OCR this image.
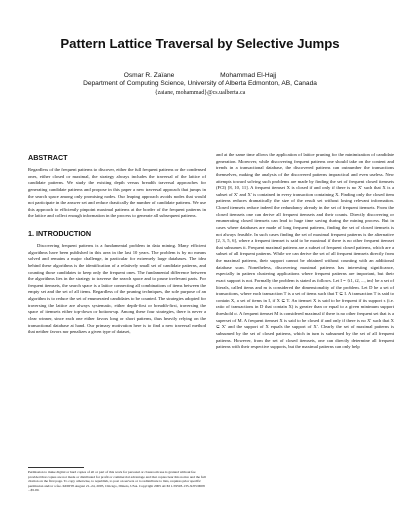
Pattern Lattice Traversal by Selective Jumps
Osmar R. Zaïane	Mohammad El-Hajj
Department of Computing Science, University of Alberta Edmonton, AB, Canada
{zaiane, mohammad}@cs.ualberta.ca
ABSTRACT

Regardless of the frequent patterns to discover, either the full frequent patterns or the condensed ones, either closed or maximal, the strategy always includes the traversal of the lattice of candidate patterns. We study the existing depth versus breadth traversal approaches for generating candidate patterns and propose in this paper a new traversal approach that jumps in the search space among only promising nodes. Our leaping approach avoids nodes that would not participate in the answer set and reduce drastically the number of candidate patterns. We use this approach to efficiently pinpoint maximal patterns at the border of the frequent patterns in the lattice and collect enough information in the process to generate all subsequent patterns.

1. INTRODUCTION

Discovering frequent patterns is a fundamental problem in data mining. Many efficient algorithms have been published in this area in the last 10 years. The problem is by no means solved and remains a major challenge, in particular for extremely large databases. The idea behind these algorithms is the identification of a relatively small set of candidate patterns, and counting those candidates to keep only the frequent ones. The fundamental difference between the algorithms lies in the strategy to traverse the search space and to prune irrelevant parts. For frequent itemsets, the search space is a lattice connecting all combinations of items between the empty set and the set of all items. Regardless of the pruning techniques, the sole purpose of an algorithm is to reduce the set of enumerated candidates to be counted. The strategies adopted for traversing the lattice are always systematic, either depth-first or breadth-first, traversing the space of itemsets either top-down or bottom-up. Among these four strategies, there is never a clear winner, since each one either favors long or short patterns, thus heavily relying on the transactional database at hand. Our primary motivation here is to find a new traversal method that neither favors nor penalizes a given type of dataset,

and at the same time allows the application of lattice pruning for the minimization of candidate generation. Moreover, while discovering frequent patterns one should take on the content and trends in a transactional database, the discovered patterns can outnumber the transactions themselves, making the analysis of the discovered patterns impractical and even useless. New attempts toward solving such problems are made by finding the set of frequent closed itemsets (FCI) [8, 10, 11]. A frequent itemset X is closed if and only if there is no X′ such that X is a subset of X′ and X′ is contained in every transaction containing X. Finding only the closed item patterns reduces dramatically the size of the result set without losing relevant information. Closed itemsets reduce indeed the redundancy already in the set of frequent itemsets. From the closed itemsets one can derive all frequent itemsets and their counts. Directly discovering or enumerating closed itemsets can lead to huge time saving during the mining process. But in cases where databases are made of long frequent patterns, finding the set of closed itemsets is not always feasible. In such cases finding the set of maximal frequent patterns is the alternative [2, 3, 5, 6], where a frequent itemset is said to be maximal if there is no other frequent itemset that subsumes it. Frequent maximal patterns are a subset of frequent closed patterns, which are a subset of all frequent patterns. While we can derive the set of all frequent itemsets directly from the maximal patterns, their support cannot be obtained without counting with an additional database scan. Nonetheless, discovering maximal patterns has interesting significance, especially in pattern clustering applications where frequent patterns are important, but their exact support is not. Formally the problem is stated as follows. Let I = {i1, i2, ..., im} be a set of literals, called items and m is considered the dimensionality of the problem. Let D be a set of transactions, where each transaction T is a set of items such that T ⊆ I. A transaction T is said to contain X, a set of items in I, if X ⊆ T. An itemset X is said to be frequent if its support s (i.e. ratio of transactions in D that contain X) is greater than or equal to a given minimum support threshold σ. A frequent itemset M is considered maximal if there is no other frequent set that is a superset of M. A frequent itemset X is said to be closed if and only if there is no X′ such that X ⊆ X′ and the support of X equals the support of X′. Clearly the set of maximal patterns is subsumed by the set of closed patterns, which in turn is subsumed by the set of all frequent patterns. However, from the set of closed itemsets, one can directly determine all frequent patterns with their respective supports, but the maximal patterns can only help

Permission to make digital or hard copies of all or part of this work for personal or classroom use is granted without fee provided that copies are not made or distributed for profit or commercial advantage and that copies bear this notice and the full citation on the first page. To copy otherwise, to republish, to post on servers or to redistribute to lists, requires prior specific permission and/or a fee. KDD'05 August 21–24, 2005, Chicago, Illinois, USA. Copyright 2005 ACM 1-59593-135-X/05/0008 ...$5.00.
